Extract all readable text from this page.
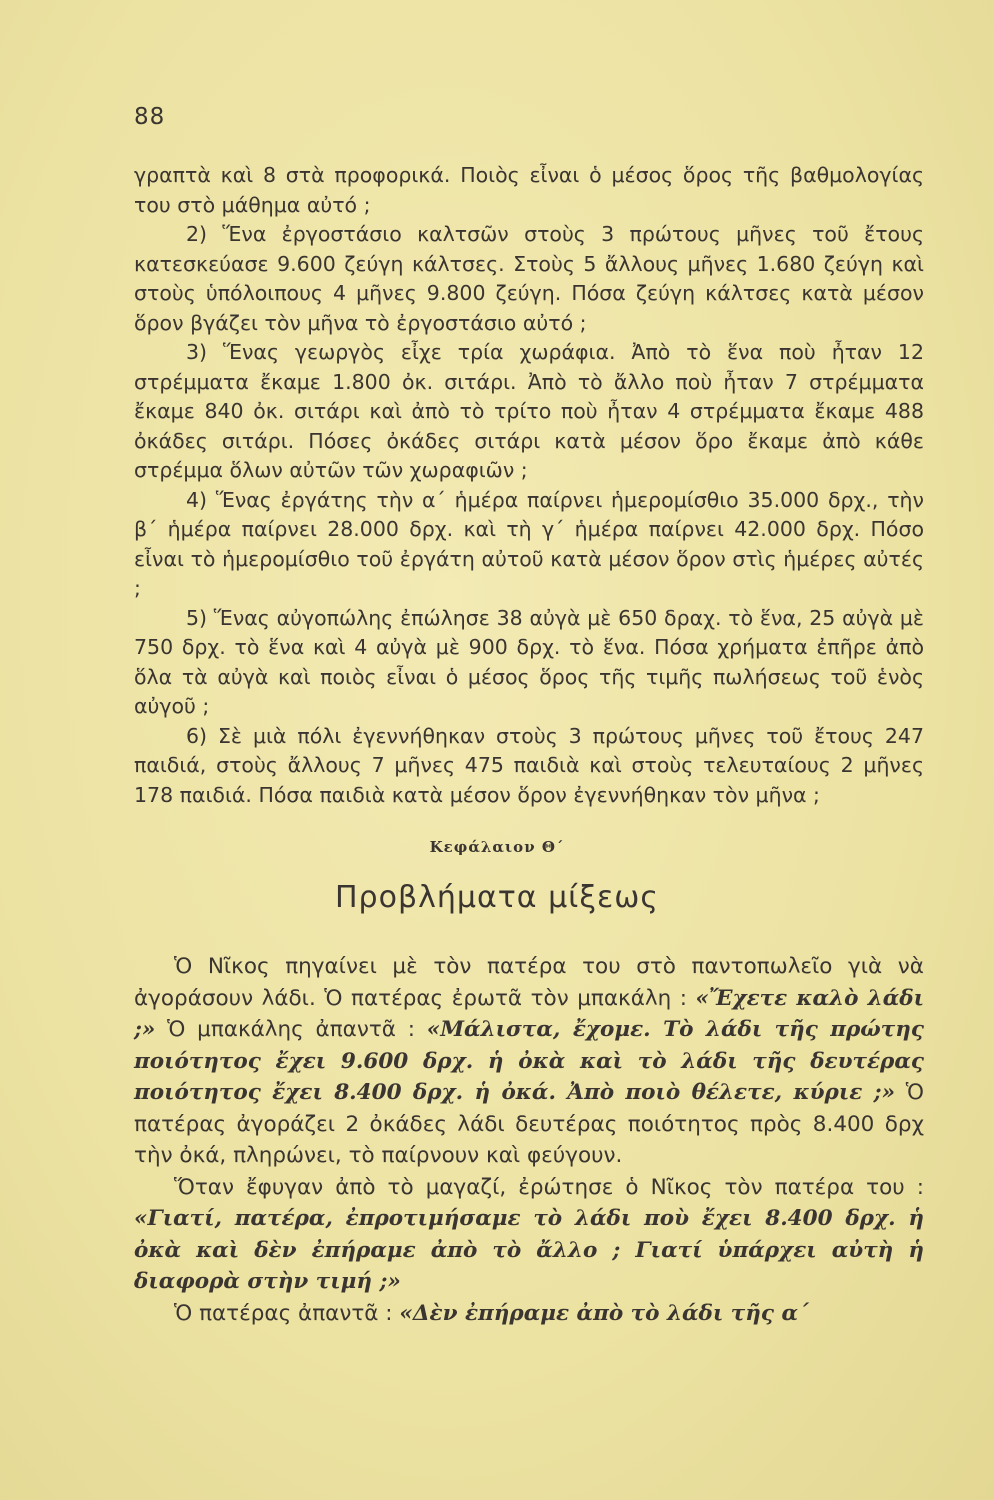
88

γραπτὰ καὶ 8 στὰ προφορικά. Ποιὸς εἶναι ὁ μέσος ὅρος τῆς βαθμολογίας του στὸ μάθημα αὐτό ;

2) Ἕνα ἐργοστάσιο καλτσῶν στοὺς 3 πρώτους μῆνες τοῦ ἔτους κατεσκεύασε 9.600 ζεύγη κάλτσες. Στοὺς 5 ἄλλους μῆνες 1.680 ζεύγη καὶ στοὺς ὑπόλοιπους 4 μῆνες 9.800 ζεύγη. Πόσα ζεύγη κάλτσες κατὰ μέσον ὅρον βγάζει τὸν μῆνα τὸ ἐργοστάσιο αὐτό ;

3) Ἕνας γεωργὸς εἶχε τρία χωράφια. Ἀπὸ τὸ ἕνα ποὺ ἦταν 12 στρέμματα ἔκαμε 1.800 ὀκ. σιτάρι. Ἀπὸ τὸ ἄλλο ποὺ ἦταν 7 στρέμματα ἔκαμε 840 ὀκ. σιτάρι καὶ ἀπὸ τὸ τρίτο ποὺ ἦταν 4 στρέμματα ἔκαμε 488 ὀκάδες σιτάρι. Πόσες ὀκάδες σιτάρι κατὰ μέσον ὅρο ἔκαμε ἀπὸ κάθε στρέμμα ὅλων αὐτῶν τῶν χωραφιῶν ;

4) Ἕνας ἐργάτης τὴν α΄ ἡμέρα παίρνει ἡμερομίσθιο 35.000 δρχ., τὴν β΄ ἡμέρα παίρνει 28.000 δρχ. καὶ τὴ γ΄ ἡμέρα παίρνει 42.000 δρχ. Πόσο εἶναι τὸ ἡμερομίσθιο τοῦ ἐργάτη αὐτοῦ κατὰ μέσον ὅρον στὶς ἡμέρες αὐτές ;

5) Ἕνας αὐγοπώλης ἐπώλησε 38 αὐγὰ μὲ 650 δραχ. τὸ ἕνα, 25 αὐγὰ μὲ 750 δρχ. τὸ ἕνα καὶ 4 αὐγὰ μὲ 900 δρχ. τὸ ἕνα. Πόσα χρήματα ἐπῆρε ἀπὸ ὅλα τὰ αὐγὰ καὶ ποιὸς εἶναι ὁ μέσος ὅρος τῆς τιμῆς πωλήσεως τοῦ ἑνὸς αὐγοῦ ;

6) Σὲ μιὰ πόλι ἐγεννήθηκαν στοὺς 3 πρώτους μῆνες τοῦ ἔτους 247 παιδιά, στοὺς ἄλλους 7 μῆνες 475 παιδιὰ καὶ στοὺς τελευταίους 2 μῆνες 178 παιδιά. Πόσα παιδιὰ κατὰ μέσον ὅρον ἐγεννήθηκαν τὸν μῆνα ;

Κεφάλαιον Θ΄
Προβλήματα μίξεως

Ὁ Νῖκος πηγαίνει μὲ τὸν πατέρα του στὸ παντοπωλεῖο γιὰ νὰ ἀγοράσουν λάδι. Ὁ πατέρας ἐρωτᾶ τὸν μπακάλη : «Ἔχετε καλὸ λάδι ;» Ὁ μπακάλης ἀπαντᾶ : «Μάλιστα, ἔχομε. Τὸ λάδι τῆς πρώτης ποιότητος ἔχει 9.600 δρχ. ἡ ὀκὰ καὶ τὸ λάδι τῆς δευτέρας ποιότητος ἔχει 8.400 δρχ. ἡ ὀκά. Ἀπὸ ποιὸ θέλετε, κύριε ;» Ὁ πατέρας ἀγοράζει 2 ὀκάδες λάδι δευτέρας ποιότητος πρὸς 8.400 δρχ τὴν ὀκά, πληρώνει, τὸ παίρνουν καὶ φεύγουν.

Ὅταν ἔφυγαν ἀπὸ τὸ μαγαζί, ἐρώτησε ὁ Νῖκος τὸν πατέρα του : «Γιατί, πατέρα, ἐπροτιμήσαμε τὸ λάδι ποὺ ἔχει 8.400 δρχ. ἡ ὀκὰ καὶ δὲν ἐπήραμε ἀπὸ τὸ ἄλλο ; Γιατί ὑπάρχει αὐτὴ ἡ διαφορὰ στὴν τιμή ;»

Ὁ πατέρας ἀπαντᾶ : «Δὲν ἐπήραμε ἀπὸ τὸ λάδι τῆς α΄
